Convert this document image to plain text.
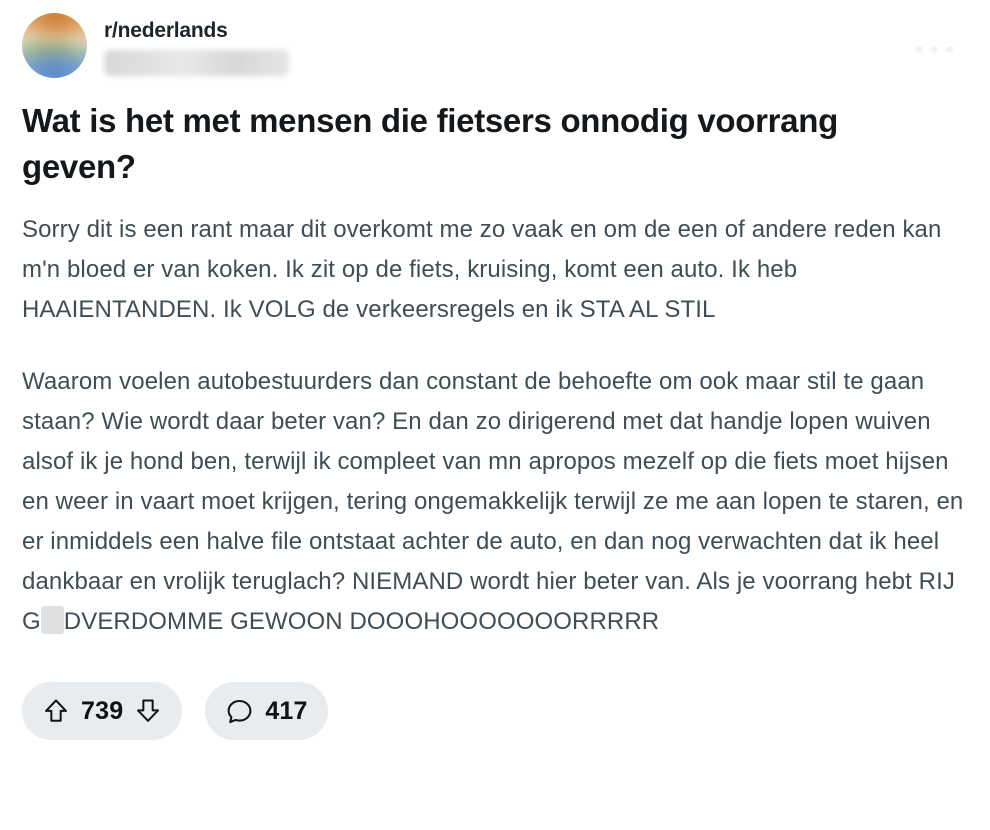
r/nederlands
Wat is het met mensen die fietsers onnodig voorrang geven?

Sorry dit is een rant maar dit overkomt me zo vaak en om de een of andere reden kan m'n bloed er van koken. Ik zit op de fiets, kruising, komt een auto. Ik heb HAAIENTANDEN. Ik VOLG de verkeersregels en ik STA AL STIL

Waarom voelen autobestuurders dan constant de behoefte om ook maar stil te gaan staan? Wie wordt daar beter van? En dan zo dirigerend met dat handje lopen wuiven alsof ik je hond ben, terwijl ik compleet van mn apropos mezelf op die fiets moet hijsen en weer in vaart moet krijgen, tering ongemakkelijk terwijl ze me aan lopen te staren, en er inmiddels een halve file ontstaat achter de auto, en dan nog verwachten dat ik heel dankbaar en vrolijk teruglach? NIEMAND wordt hier beter van. Als je voorrang hebt RIJ G DVERDOMME GEWOON DOOOHOOOOOOORRRRR

739	417
